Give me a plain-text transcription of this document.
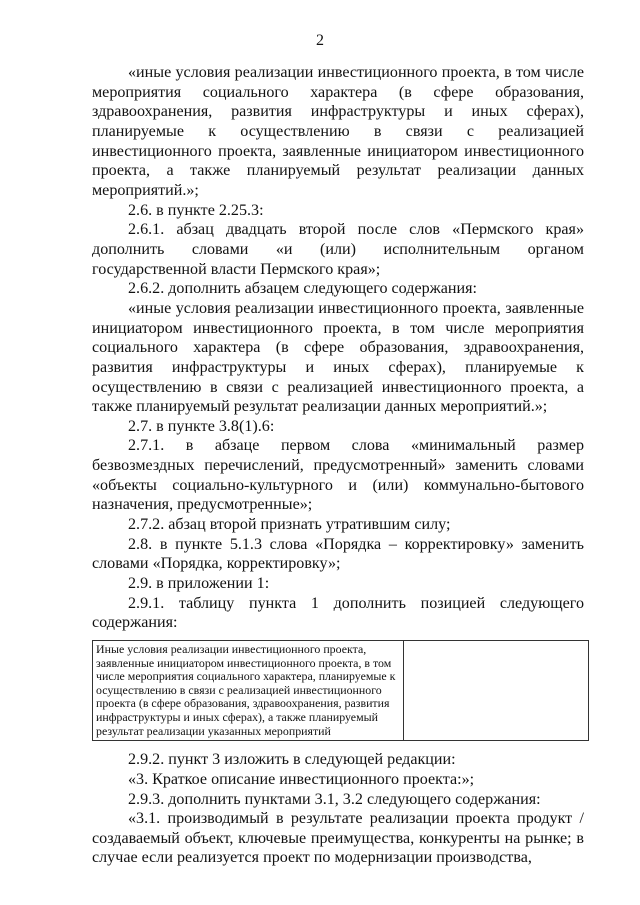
2

«иные условия реализации инвестиционного проекта, в том числе мероприятия социального характера (в сфере образования, здравоохранения, развития инфраструктуры и иных сферах), планируемые к осуществлению в связи с реализацией инвестиционного проекта, заявленные инициатором инвестиционного проекта, а также планируемый результат реализации данных мероприятий.»;

2.6. в пункте 2.25.3:

2.6.1. абзац двадцать второй после слов «Пермского края» дополнить словами «и (или) исполнительным органом государственной власти Пермского края»;

2.6.2. дополнить абзацем следующего содержания:

«иные условия реализации инвестиционного проекта, заявленные инициатором инвестиционного проекта, в том числе мероприятия социального характера (в сфере образования, здравоохранения, развития инфраструктуры и иных сферах), планируемые к осуществлению в связи с реализацией инвестиционного проекта, а также планируемый результат реализации данных мероприятий.»;

2.7. в пункте 3.8(1).6:

2.7.1. в абзаце первом слова «минимальный размер безвозмездных перечислений, предусмотренный» заменить словами «объекты социально-культурного и (или) коммунально-бытового назначения, предусмотренные»;

2.7.2. абзац второй признать утратившим силу;

2.8. в пункте 5.1.3 слова «Порядка – корректировку» заменить словами «Порядка, корректировку»;

2.9. в приложении 1:

2.9.1. таблицу пункта 1 дополнить позицией следующего содержания:

Иные условия реализации инвестиционного проекта, заявленные инициатором инвестиционного проекта, в том числе мероприятия социального характера, планируемые к осуществлению в связи с реализацией инвестиционного проекта (в сфере образования, здравоохранения, развития инфраструктуры и иных сферах), а также планируемый результат реализации указанных мероприятий	

2.9.2. пункт 3 изложить в следующей редакции:

«3. Краткое описание инвестиционного проекта:»;

2.9.3. дополнить пунктами 3.1, 3.2 следующего содержания:

«3.1. производимый в результате реализации проекта продукт / создаваемый объект, ключевые преимущества, конкуренты на рынке; в случае если реализуется проект по модернизации производства,
